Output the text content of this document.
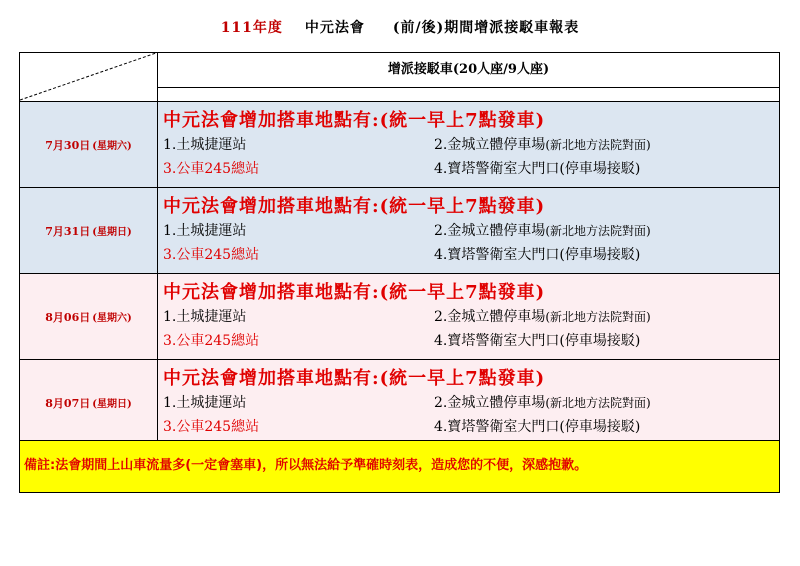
111年度 中元法會 (前/後)期間增派接駁車報表
增派接駁車(20人座/9人座)
7月30日 (星期六)
中元法會增加搭車地點有:(統一早上7點發車)
1.土城捷運站	2.金城立體停車場(新北地方法院對面)
3.公車245總站	4.寶塔警衛室大門口(停車場接駁)
7月31日 (星期日)
中元法會增加搭車地點有:(統一早上7點發車)
1.土城捷運站	2.金城立體停車場(新北地方法院對面)
3.公車245總站	4.寶塔警衛室大門口(停車場接駁)
8月06日 (星期六)
中元法會增加搭車地點有:(統一早上7點發車)
1.土城捷運站	2.金城立體停車場(新北地方法院對面)
3.公車245總站	4.寶塔警衛室大門口(停車場接駁)
8月07日 (星期日)
中元法會增加搭車地點有:(統一早上7點發車)
1.土城捷運站	2.金城立體停車場(新北地方法院對面)
3.公車245總站	4.寶塔警衛室大門口(停車場接駁)
備註:法會期間上山車流量多(一定會塞車)，所以無法給予準確時刻表，造成您的不便，深感抱歉。
